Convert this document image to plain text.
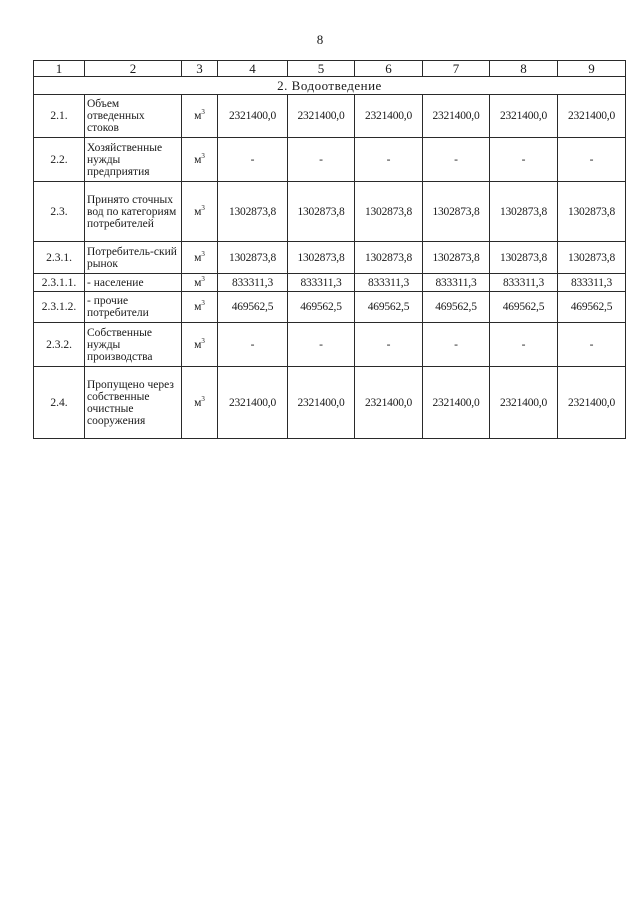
8
1	2	3	4	5	6	7	8	9
2. Водоотведение								
2.1.	Объем отведенных стоков	$м^3$	2321400,0	2321400,0	2321400,0	2321400,0	2321400,0	2321400,0
2.2.	Хозяйственные нужды предприятия	$м^3$	-	-	-	-	-	-
2.3.	Принято сточных вод по категориям потребителей	$м^3$	1302873,8	1302873,8	1302873,8	1302873,8	1302873,8	1302873,8
2.3.1.	Потребитель-ский рынок	$м^3$	1302873,8	1302873,8	1302873,8	1302873,8	1302873,8	1302873,8
2.3.1.1.	- население	$м^3$	833311,3	833311,3	833311,3	833311,3	833311,3	833311,3
2.3.1.2.	- прочие потребители	$м^3$	469562,5	469562,5	469562,5	469562,5	469562,5	469562,5
2.3.2.	Собственные нужды производства	$м^3$	-	-	-	-	-	-
2.4.	Пропущено через собственные очистные сооружения	$м^3$	2321400,0	2321400,0	2321400,0	2321400,0	2321400,0	2321400,0
